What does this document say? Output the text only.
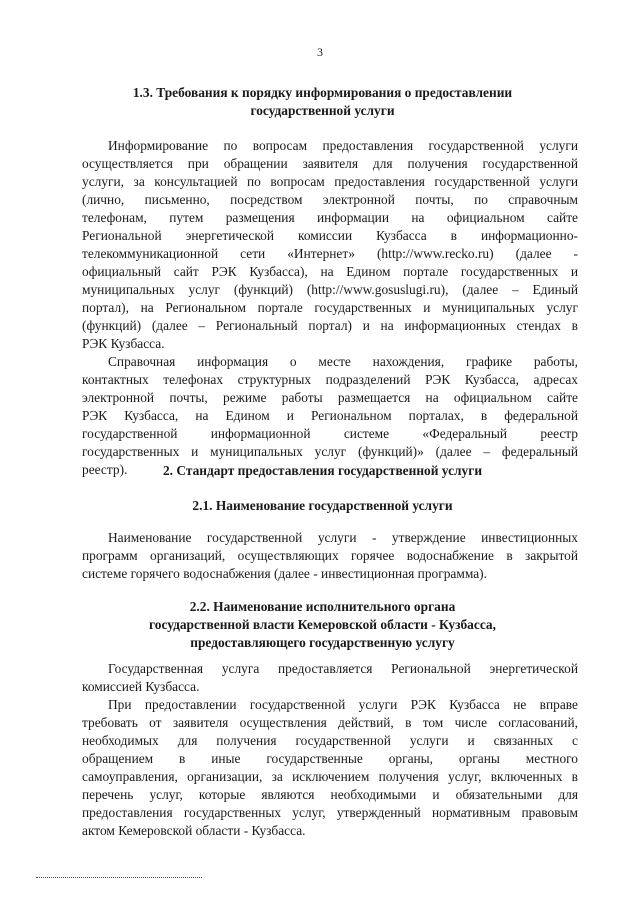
3
1.3. Требования к порядку информирования о предоставлении
государственной услуги
Информирование по вопросам предоставления государственной услуги
осуществляется при обращении заявителя для получения государственной
услуги, за консультацией по вопросам предоставления государственной услуги
(лично, письменно, посредством электронной почты, по справочным
телефонам, путем размещения информации на официальном сайте
Региональной энергетической комиссии Кузбасса в информационно-
телекоммуникационной сети «Интернет» (http://www.recko.ru) (далее -
официальный сайт РЭК Кузбасса), на Едином портале государственных и
муниципальных услуг (функций) (http://www.gosuslugi.ru), (далее – Единый
портал), на Региональном портале государственных и муниципальных услуг
(функций) (далее – Региональный портал) и на информационных стендах в
РЭК Кузбасса.
Справочная информация о месте нахождения, графике работы,
контактных телефонах структурных подразделений РЭК Кузбасса, адресах
электронной почты, режиме работы размещается на официальном сайте
РЭК Кузбасса, на Едином и Региональном порталах, в федеральной
государственной информационной системе «Федеральный реестр
государственных и муниципальных услуг (функций)» (далее – федеральный
реестр).	2. Стандарт предоставления государственной услуги
2.1. Наименование государственной услуги
Наименование государственной услуги - утверждение инвестиционных
программ организаций, осуществляющих горячее водоснабжение в закрытой
системе горячего водоснабжения (далее - инвестиционная программа).
2.2. Наименование исполнительного органа
государственной власти Кемеровской области - Кузбасса,
предоставляющего государственную услугу
Государственная услуга предоставляется Региональной энергетической
комиссией Кузбасса.
При предоставлении государственной услуги РЭК Кузбасса не вправе
требовать от заявителя осуществления действий, в том числе согласований,
необходимых для получения государственной услуги и связанных с
обращением в иные государственные органы, органы местного
самоуправления, организации, за исключением получения услуг, включенных в
перечень услуг, которые являются необходимыми и обязательными для
предоставления государственных услуг, утвержденный нормативным правовым
актом Кемеровской области - Кузбасса.
